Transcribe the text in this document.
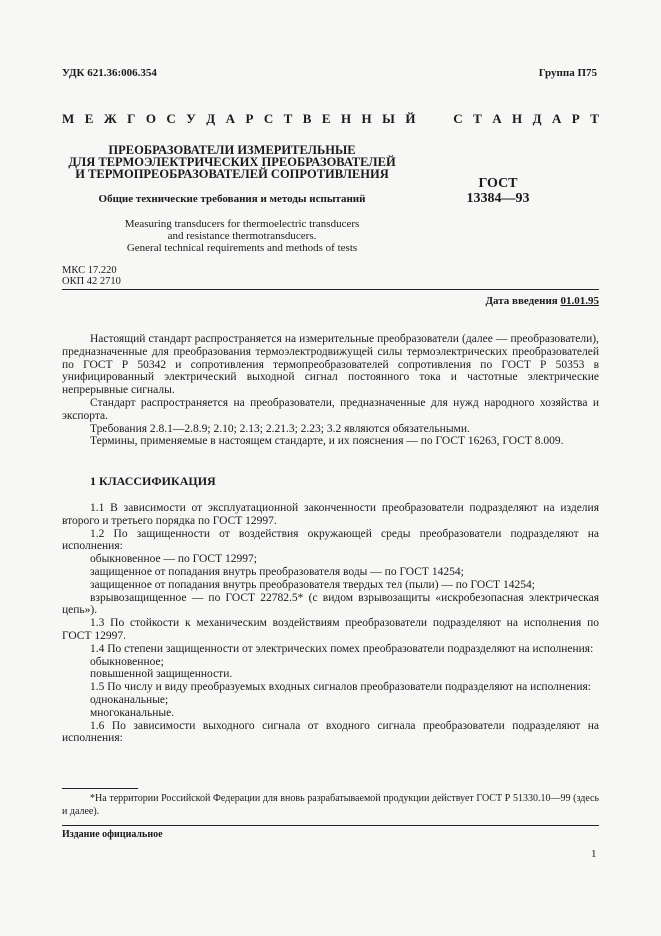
УДК 621.36:006.354	Группа П75
М Е Ж Г О С У Д А Р С Т В Е Н Н Ы Й

	С Т А Н Д А Р Т
ПРЕОБРАЗОВАТЕЛИ ИЗМЕРИТЕЛЬНЫЕ
ДЛЯ ТЕРМОЭЛЕКТРИЧЕСКИХ ПРЕОБРАЗОВАТЕЛЕЙ
И ТЕРМОПРЕОБРАЗОВАТЕЛЕЙ СОПРОТИВЛЕНИЯ
ГОСТ
13384—93
Общие технические требования и методы испытаний
Measuring transducers for thermoelectric transducers
and resistance thermotransducers.
General technical requirements and methods of tests
МКС 17.220
ОКП 42 2710
Дата введения 01.01.95

Настоящий стандарт распространяется на измерительные преобразователи (далее — преобразователи), предназначенные для преобразования термоэлектродвижущей силы термоэлектрических преобразователей по ГОСТ Р 50342 и сопротивления термопреобразователей сопротивления по ГОСТ Р 50353 в унифицированный электрический выходной сигнал постоянного тока и частотные электрические непрерывные сигналы.

Стандарт распространяется на преобразователи, предназначенные для нужд народного хозяйства и экспорта.

Требования 2.8.1—2.8.9; 2.10; 2.13; 2.21.3; 2.23; 3.2 являются обязательными.

Термины, применяемые в настоящем стандарте, и их пояснения — по ГОСТ 16263, ГОСТ 8.009.

1 КЛАССИФИКАЦИЯ

1.1 В зависимости от эксплуатационной законченности преобразователи подразделяют на изделия второго и третьего порядка по ГОСТ 12997.

1.2 По защищенности от воздействия окружающей среды преобразователи подразделяют на исполнения:

обыкновенное — по ГОСТ 12997;

защищенное от попадания внутрь преобразователя воды — по ГОСТ 14254;

защищенное от попадания внутрь преобразователя твердых тел (пыли) — по ГОСТ 14254;

взрывозащищенное — по ГОСТ 22782.5* (с видом взрывозащиты «искробезопасная электрическая цепь»).

1.3 По стойкости к механическим воздействиям преобразователи подразделяют на исполнения по ГОСТ 12997.

1.4 По степени защищенности от электрических помех преобразователи подразделяют на исполнения:

обыкновенное;

повышенной защищенности.

1.5 По числу и виду преобразуемых входных сигналов преобразователи подразделяют на исполнения:

одноканальные;

многоканальные.

1.6 По зависимости выходного сигнала от входного сигнала преобразователи подразделяют на исполнения:

*На территории Российской Федерации для вновь разрабатываемой продукции действует ГОСТ Р 51330.10—99 (здесь и далее).

Издание официальное
1
